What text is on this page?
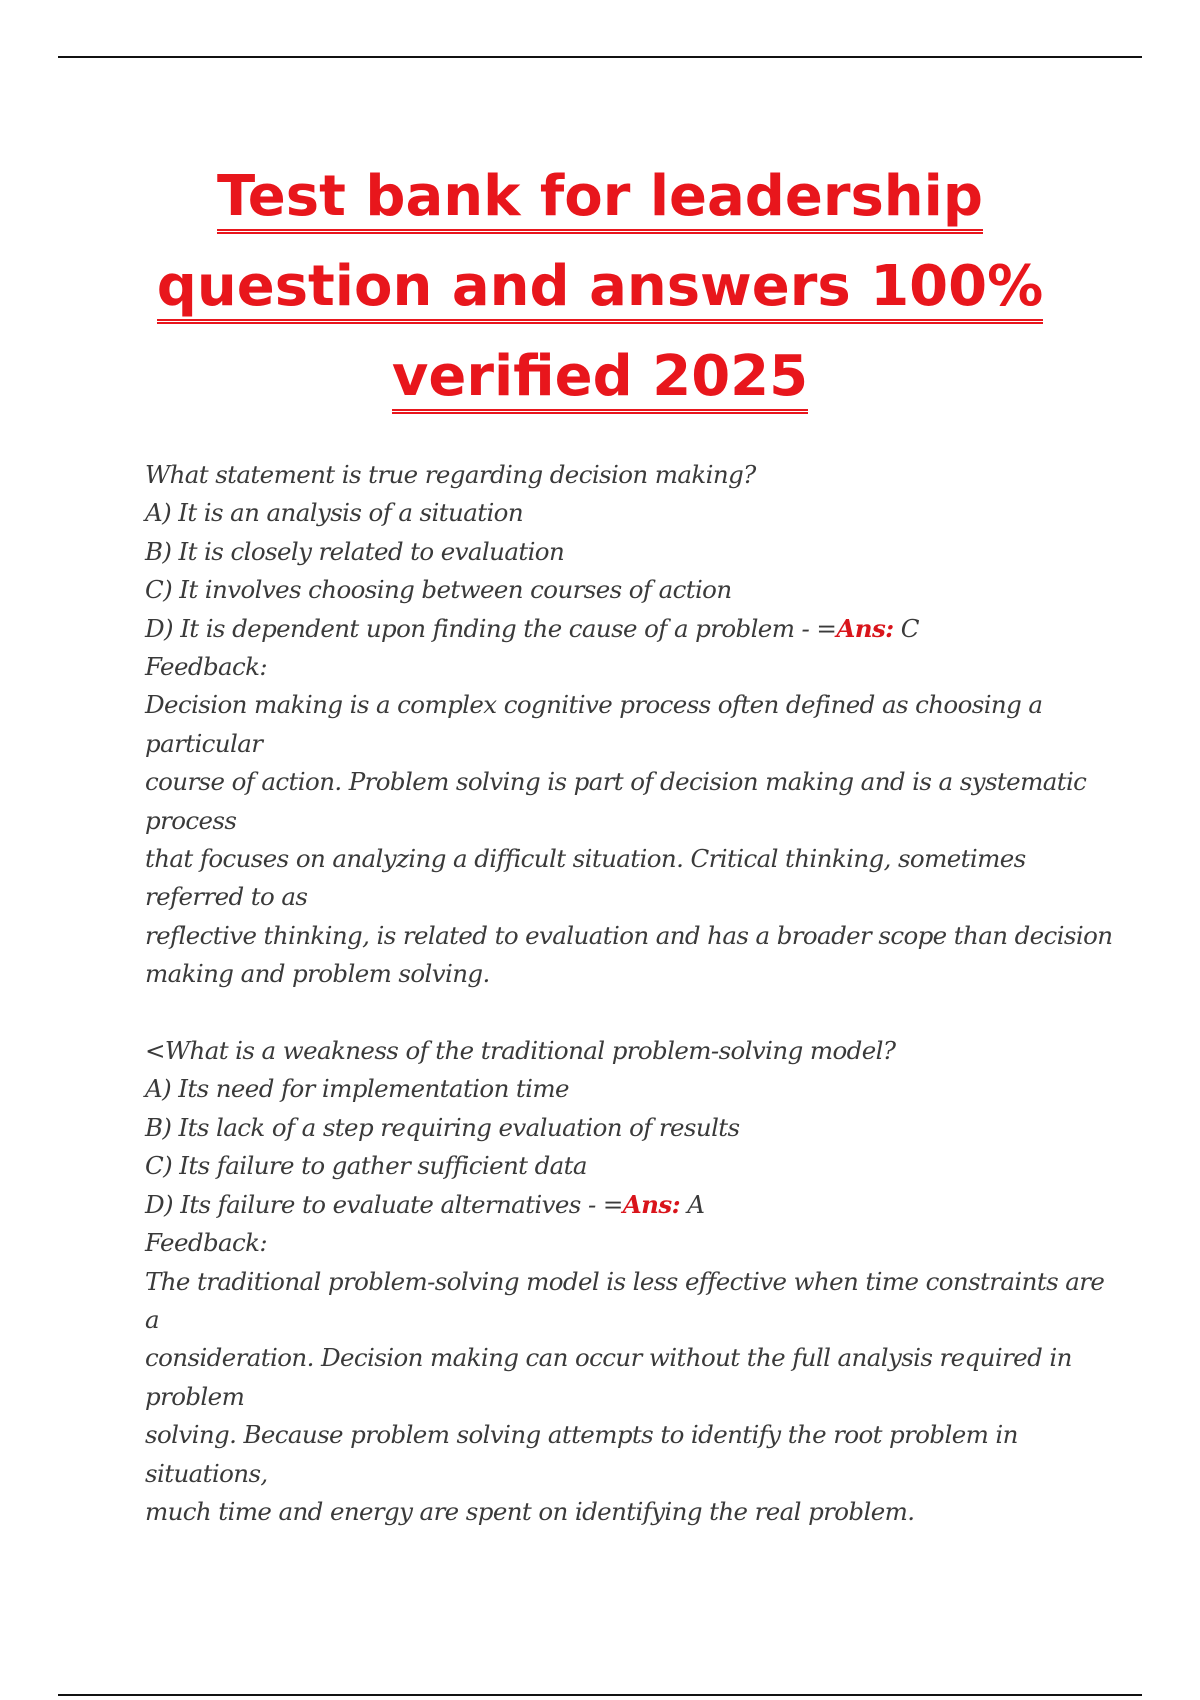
Test bank for leadership
question and answers 100%
verified 2025
What statement is true regarding decision making?
A) It is an analysis of a situation
B) It is closely related to evaluation
C) It involves choosing between courses of action
D) It is dependent upon finding the cause of a problem - =Ans: C
Feedback:
Decision making is a complex cognitive process often defined as choosing a
particular
course of action. Problem solving is part of decision making and is a systematic
process
that focuses on analyzing a difficult situation. Critical thinking, sometimes
referred to as
reflective thinking, is related to evaluation and has a broader scope than decision
making and problem solving.
<What is a weakness of the traditional problem-solving model?
A) Its need for implementation time
B) Its lack of a step requiring evaluation of results
C) Its failure to gather sufficient data
D) Its failure to evaluate alternatives - =Ans: A
Feedback:
The traditional problem-solving model is less effective when time constraints are
a
consideration. Decision making can occur without the full analysis required in
problem
solving. Because problem solving attempts to identify the root problem in
situations,
much time and energy are spent on identifying the real problem.
